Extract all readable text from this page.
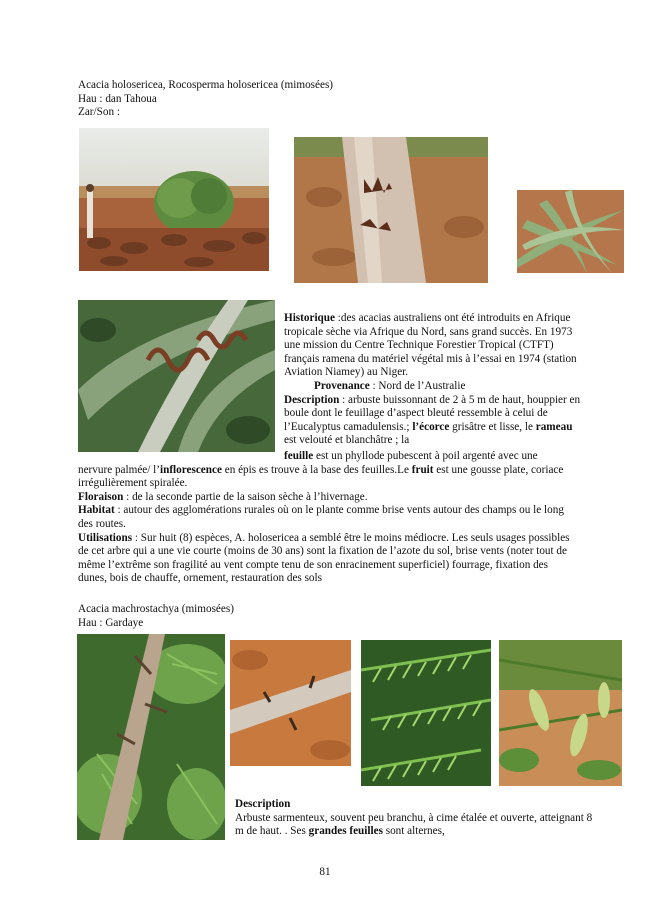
Acacia holosericea, Rocosperma holosericea (mimosées)

Hau : dan Tahoua

Zar/Son :

Historique :des acacias australiens ont été introduits en Afrique tropicale sèche via Afrique du Nord, sans grand succès. En 1973 une mission du Centre Technique Forestier Tropical (CTFT) français ramena du matériel végétal mis à l’essai en 1974 (station Aviation Niamey) au Niger.

Provenance : Nord de l’Australie

Description : arbuste buissonnant de 2 à 5 m de haut, houppier en boule dont le feuillage d’aspect bleuté ressemble à celui de l’Eucalyptus camadulensis.; l’écorce grisâtre et lisse, le rameau est velouté et blanchâtre ; la

feuille est un phyllode pubescent à poil argenté avec une

nervure palmée/ l’inflorescence en épis es trouve à la base des feuilles.Le fruit est une gousse plate, coriace irrégulièrement spiralée.

Floraison : de la seconde partie de la saison sèche à l’hivernage.

Habitat : autour des agglomérations rurales où on le plante comme brise vents autour des champs ou le long des routes.

Utilisations : Sur huit (8) espèces, A. holosericea a semblé être le moins médiocre. Les seuls usages possibles de cet arbre qui a une vie courte (moins de 30 ans) sont la fixation de l’azote du sol, brise vents (noter tout de même l’extrême son fragilité au vent compte tenu de son enracinement superficiel) fourrage, fixation des dunes, bois de chauffe, ornement, restauration des sols

Acacia machrostachya (mimosées)

Hau : Gardaye

Description

Arbuste sarmenteux, souvent peu branchu, à cime étalée et ouverte, atteignant 8 m de haut. . Ses grandes feuilles sont alternes,

81
